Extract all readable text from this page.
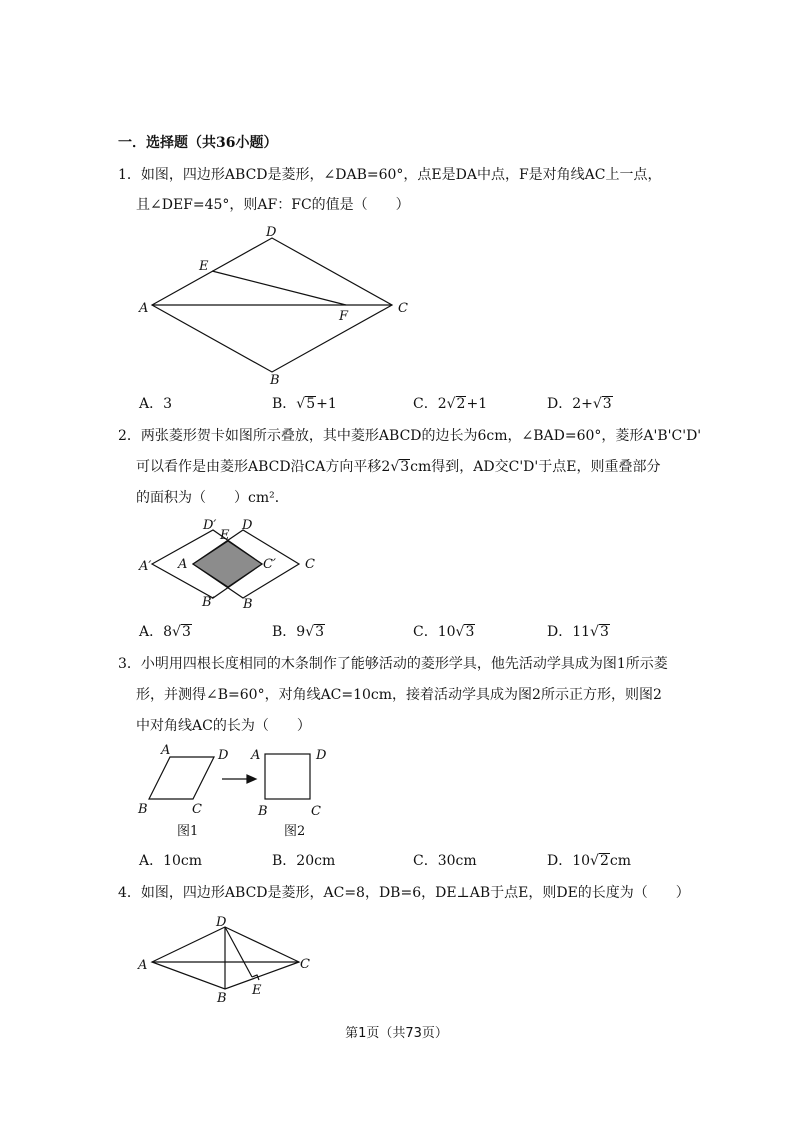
一．选择题（共36小题）
1．如图，四边形ABCD是菱形，∠DAB=60°，点E是DA中点，F是对角线AC上一点，
且∠DEF=45°，则AF：FC的值是（　　）
A
D
C
B
E
F
A．3	B．√5+1	C．2√2+1	D．2+√3
2．两张菱形贺卡如图所示叠放，其中菱形ABCD的边长为6cm，∠BAD=60°，菱形A'B'C'D'
可以看作是由菱形ABCD沿CA方向平移2√3cm得到，AD交C'D'于点E，则重叠部分
的面积为（　　）cm²．
A′ A
D′
E
D
C′ C
B′ B
A．8√3	B．9√3	C．10√3	D．11√3
3．小明用四根长度相同的木条制作了能够活动的菱形学具，他先活动学具成为图1所示菱
形，并测得∠B=60°，对角线AC=10cm，接着活动学具成为图2所示正方形，则图2
中对角线AC的长为（　　）
A	D
B	C
图1
A	D
B	C
图2
A．10cm	B．20cm	C．30cm	D．10√2cm
4．如图，四边形ABCD是菱形，AC=8，DB=6，DE⊥AB于点E，则DE的长度为（　　）
A
D
C
B
E
第1页（共73页）
